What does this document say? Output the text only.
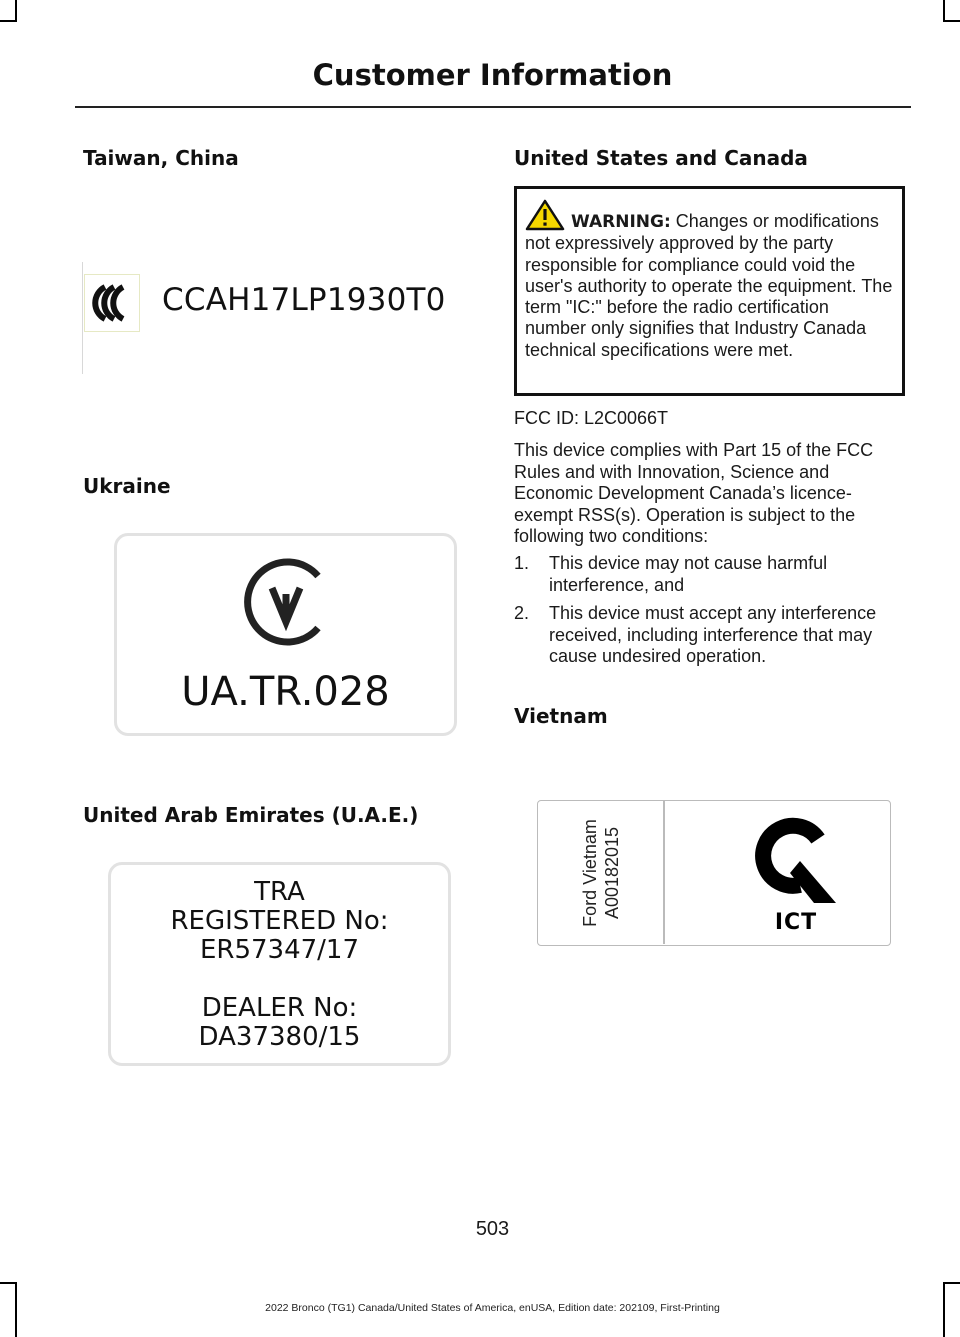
Customer Information
Taiwan, China
CCAH17LP1930T0
Ukraine
UA.TR.028
United Arab Emirates (U.A.E.)
TRA
REGISTERED No:
ER57347/17
DEALER No:
DA37380/15
United States and Canada
WARNING: Changes or modifications not expressively approved by the party responsible for compliance could void the user's authority to operate the equipment. The term "IC:" before the radio certification number only signifies that Industry Canada technical specifications were met.
FCC ID: L2C0066T
This device complies with Part 15 of the FCC Rules and with Innovation, Science and Economic Development Canada’s licence-exempt RSS(s). Operation is subject to the following two conditions:
1. This device may not cause harmful interference, and
2. This device must accept any interference received, including interference that may cause undesired operation.
Vietnam
Ford Vietnam A00182015
ICT
503
2022 Bronco (TG1) Canada/United States of America, enUSA, Edition date: 202109, First-Printing
